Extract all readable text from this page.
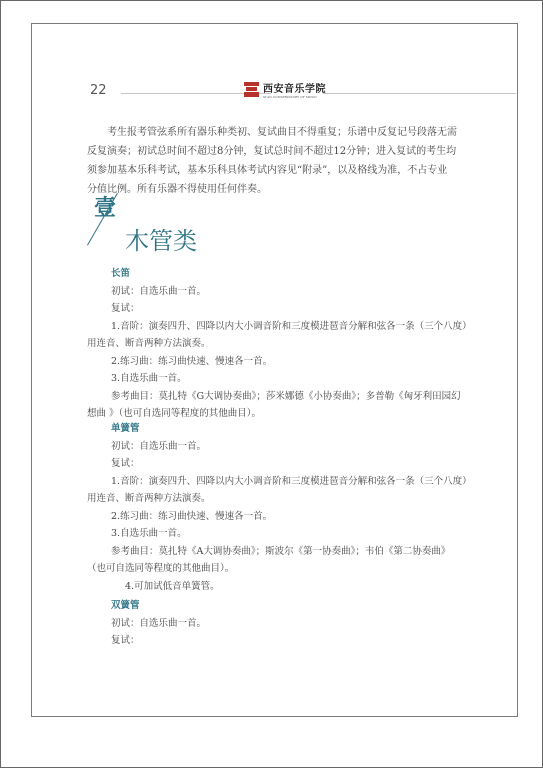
22	西安音乐学院
XI'AN CONSERVATORY OF MUSIC
考生报考管弦系所有器乐种类初、复试曲目不得重复；乐谱中反复记号段落无需反复演奏；初试总时间不超过8分钟，复试总时间不超过12分钟；进入复试的考生均须参加基本乐科考试，基本乐科具体考试内容见“附录”，以及格线为准，不占专业分值比例。所有乐器不得使用任何伴奏。
壹
木管类
长笛
初试：自选乐曲一首。
复试：
1.音阶：演奏四升、四降以内大小调音阶和三度模进琶音分解和弦各一条（三个八度）
用连音、断音两种方法演奏。
2.练习曲：练习曲快速、慢速各一首。
3.自选乐曲一首。
参考曲目：莫扎特《G大调协奏曲》；莎米娜德《小协奏曲》；多普勒《匈牙利田园幻
想曲 》（也可自选同等程度的其他曲目）。
单簧管
初试：自选乐曲一首。
复试：
1.音阶：演奏四升、四降以内大小调音阶和三度模进琶音分解和弦各一条（三个八度）
用连音、断音两种方法演奏。
2.练习曲：练习曲快速、慢速各一首。
3.自选乐曲一首。
参考曲目：莫扎特《A大调协奏曲》；斯波尔《第一协奏曲》；韦伯《第二协奏曲》
（也可自选同等程度的其他曲目）。
4.可加试低音单簧管。
双簧管
初试：自选乐曲一首。
复试：
